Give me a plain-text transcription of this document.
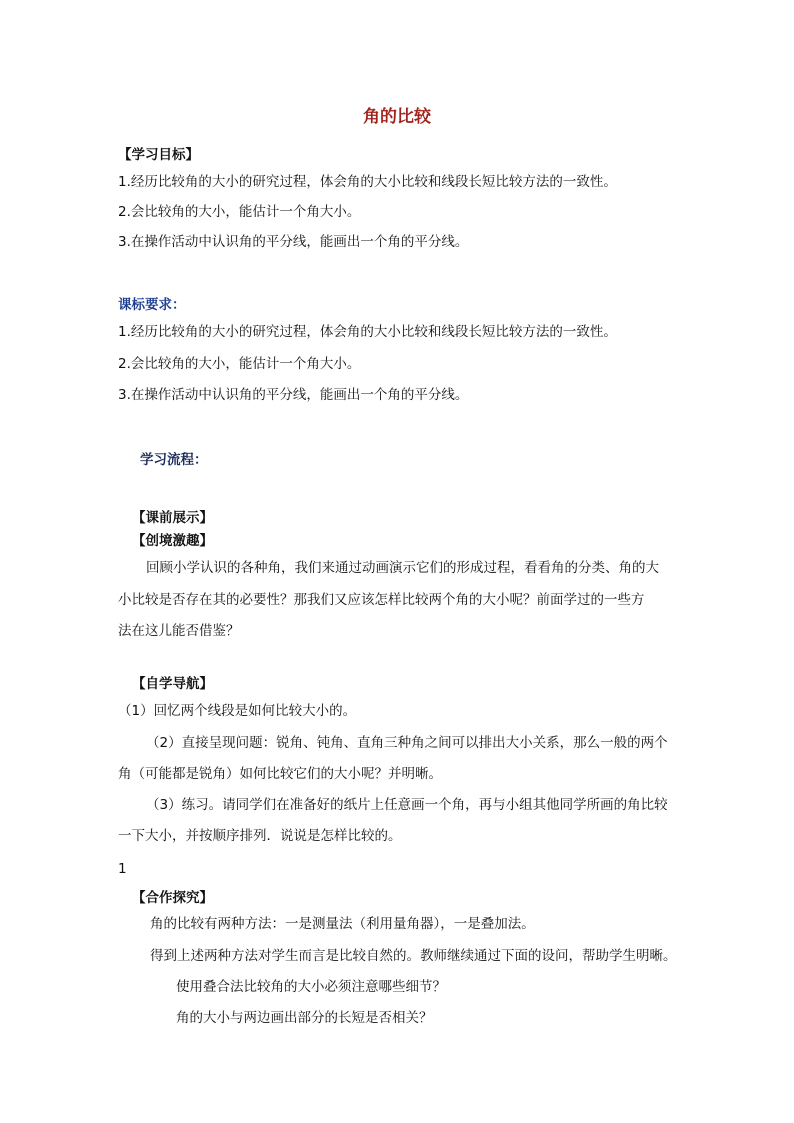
角的比较
【学习目标】
1.经历比较角的大小的研究过程，体会角的大小比较和线段长短比较方法的一致性。
2.会比较角的大小，能估计一个角大小。
3.在操作活动中认识角的平分线，能画出一个角的平分线。
课标要求：
1.经历比较角的大小的研究过程，体会角的大小比较和线段长短比较方法的一致性。
2.会比较角的大小，能估计一个角大小。
3.在操作活动中认识角的平分线，能画出一个角的平分线。
学习流程：
【课前展示】
【创境激趣】
回顾小学认识的各种角，我们来通过动画演示它们的形成过程，看看角的分类、角的大
小比较是否存在其的必要性？那我们又应该怎样比较两个角的大小呢？前面学过的一些方
法在这儿能否借鉴？
【自学导航】
（1）回忆两个线段是如何比较大小的。
（2）直接呈现问题：锐角、钝角、直角三种角之间可以排出大小关系，那么一般的两个
角（可能都是锐角）如何比较它们的大小呢？并明晰。
（3）练习。请同学们在准备好的纸片上任意画一个角，再与小组其他同学所画的角比较
一下大小，并按顺序排列．说说是怎样比较的。
1
【合作探究】
角的比较有两种方法：一是测量法（利用量角器），一是叠加法。
得到上述两种方法对学生而言是比较自然的。教师继续通过下面的设问，帮助学生明晰。
使用叠合法比较角的大小必须注意哪些细节？
角的大小与两边画出部分的长短是否相关？
